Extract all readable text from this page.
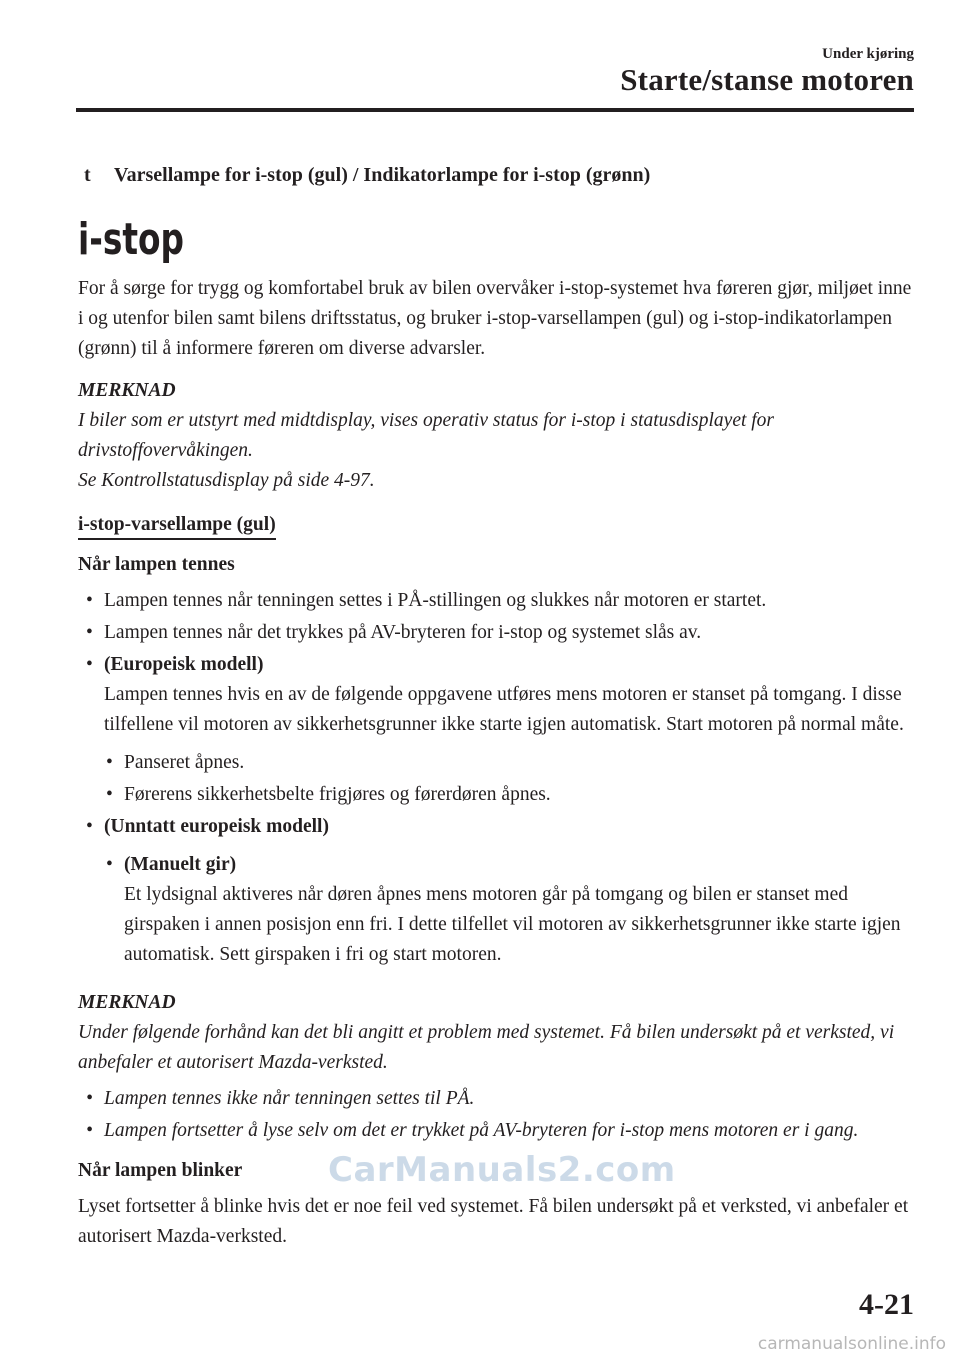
Under kjøring
Starte/stanse motoren
t Varsellampe for i-stop (gul) / Indikatorlampe for i-stop (grønn)
i-stop

For å sørge for trygg og komfortabel bruk av bilen overvåker i-stop-systemet hva føreren gjør, miljøet inne i og utenfor bilen samt bilens driftsstatus, og bruker i-stop-varsellampen (gul) og i-stop-indikatorlampen (grønn) til å informere føreren om diverse advarsler.

MERKNAD

I biler som er utstyrt med midtdisplay, vises operativ status for i-stop i statusdisplayet for drivstoffovervåkingen.

Se Kontrollstatusdisplay på side 4-97.

i-stop-varsellampe (gul)
Når lampen tennes
• Lampen tennes når tenningen settes i PÅ-stillingen og slukkes når motoren er startet.
• Lampen tennes når det trykkes på AV-bryteren for i-stop og systemet slås av.
• (Europeisk modell)
Lampen tennes hvis en av de følgende oppgavene utføres mens motoren er stanset på tomgang. I disse tilfellene vil motoren av sikkerhetsgrunner ikke starte igjen automatisk. Start motoren på normal måte.
• Panseret åpnes.
• Førerens sikkerhetsbelte frigjøres og førerdøren åpnes.
• (Unntatt europeisk modell)
• (Manuelt gir)
Et lydsignal aktiveres når døren åpnes mens motoren går på tomgang og bilen er stanset med girspaken i annen posisjon enn fri. I dette tilfellet vil motoren av sikkerhetsgrunner ikke starte igjen automatisk. Sett girspaken i fri og start motoren.
MERKNAD

Under følgende forhånd kan det bli angitt et problem med systemet. Få bilen undersøkt på et verksted, vi anbefaler et autorisert Mazda-verksted.

• Lampen tennes ikke når tenningen settes til PÅ.
• Lampen fortsetter å lyse selv om det er trykket på AV-bryteren for i-stop mens motoren er i gang.
Når lampen blinker

Lyset fortsetter å blinke hvis det er noe feil ved systemet. Få bilen undersøkt på et verksted, vi anbefaler et autorisert Mazda-verksted.

CarManuals2.com
4-21
carmanualsonline.info
